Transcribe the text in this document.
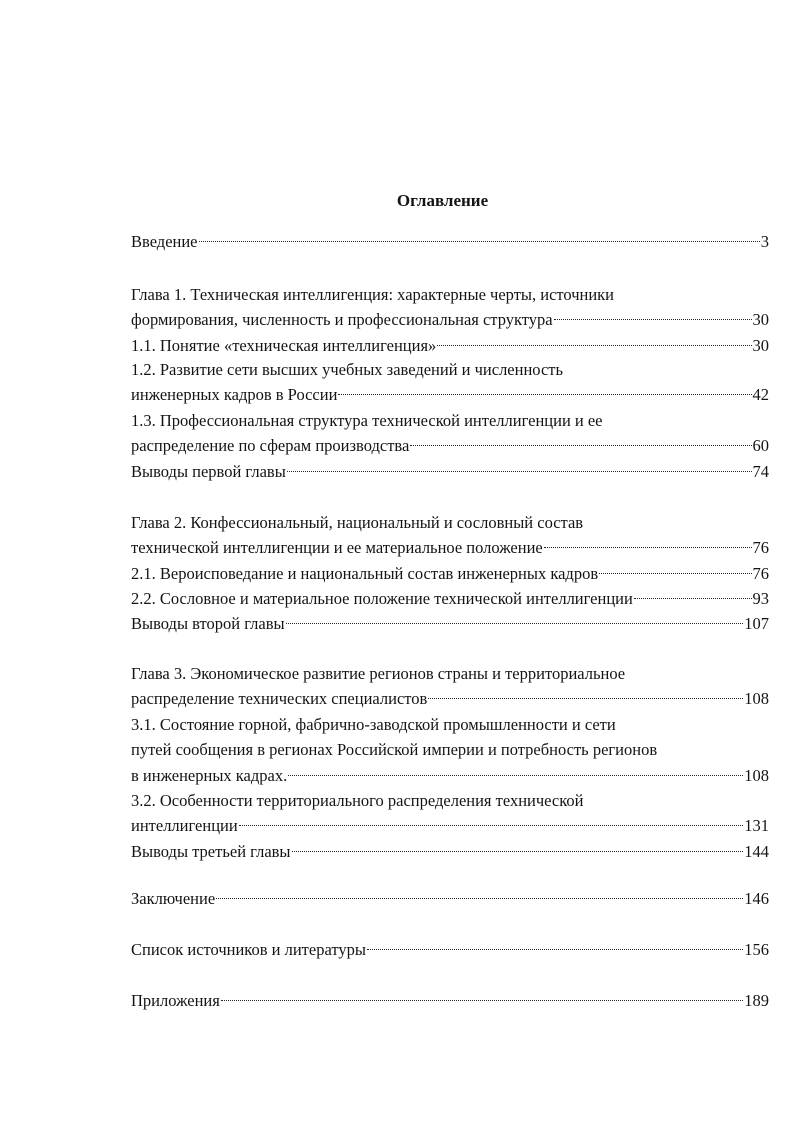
Оглавление
Введение	3
Глава 1. Техническая интеллигенция: характерные черты, источники
формирования, численность и профессиональная структура	30
1.1. Понятие «техническая интеллигенция»	30
1.2. Развитие сети высших учебных заведений и численность
инженерных кадров в России	42
1.3. Профессиональная структура технической интеллигенции и ее
распределение по сферам производства	60
Выводы первой главы	74
Глава 2. Конфессиональный, национальный и сословный состав
технической интеллигенции и ее материальное положение	76
2.1. Вероисповедание и национальный состав инженерных кадров	76
2.2. Сословное и материальное положение технической интеллигенции	93
Выводы второй главы	107
Глава 3. Экономическое развитие регионов страны и территориальное
распределение технических специалистов	108
3.1. Состояние горной, фабрично-заводской промышленности и сети
путей сообщения в регионах Российской империи и потребность регионов
в инженерных кадрах.	108
3.2. Особенности территориального распределения технической
интеллигенции	131
Выводы третьей главы	144
Заключение	146
Список источников и литературы	156
Приложения	189
